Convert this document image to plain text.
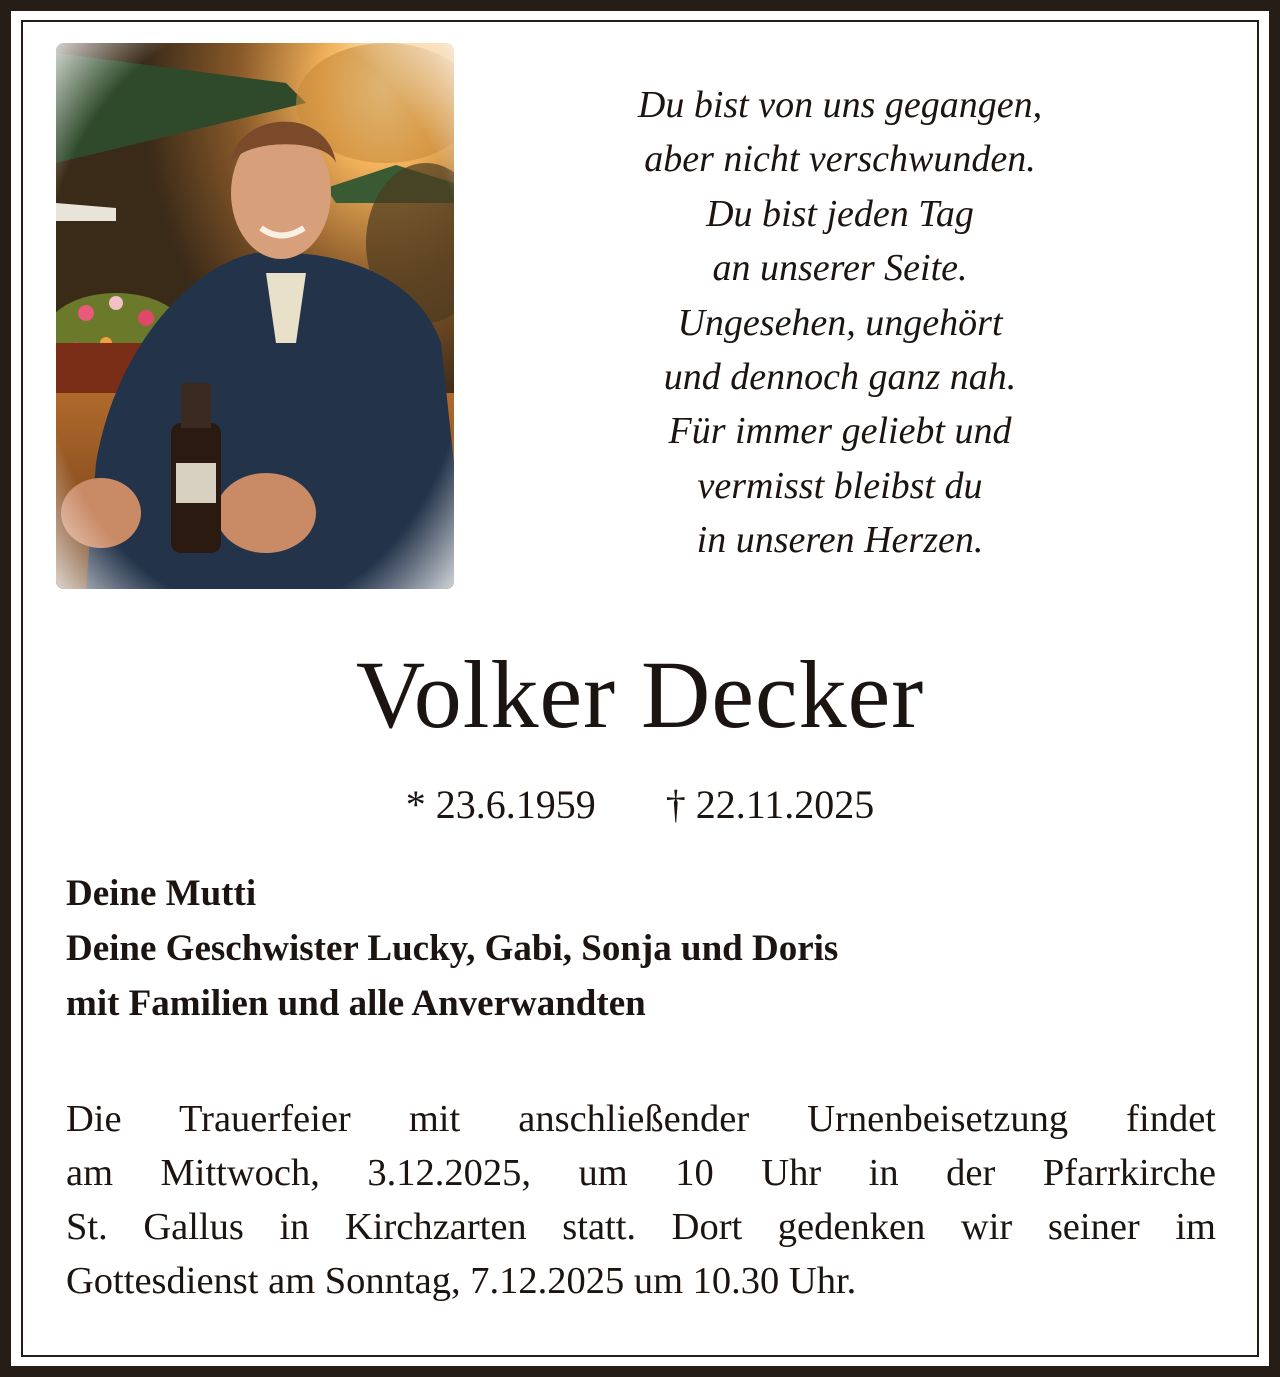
Du bist von uns gegangen,
aber nicht verschwunden.
Du bist jeden Tag
an unserer Seite.
Ungesehen, ungehört
und dennoch ganz nah.
Für immer geliebt und
vermisst bleibst du
in unseren Herzen.
Volker Decker
* 23.6.1959 † 22.11.2025
Deine Mutti
Deine Geschwister Lucky, Gabi, Sonja und Doris
mit Familien und alle Anverwandten
Die Trauerfeier mit anschließender Urnenbeisetzung findet
am Mittwoch, 3.12.2025, um 10 Uhr in der Pfarrkirche
St. Gallus in Kirchzarten statt. Dort gedenken wir seiner im
Gottesdienst am Sonntag, 7.12.2025 um 10.30 Uhr.
